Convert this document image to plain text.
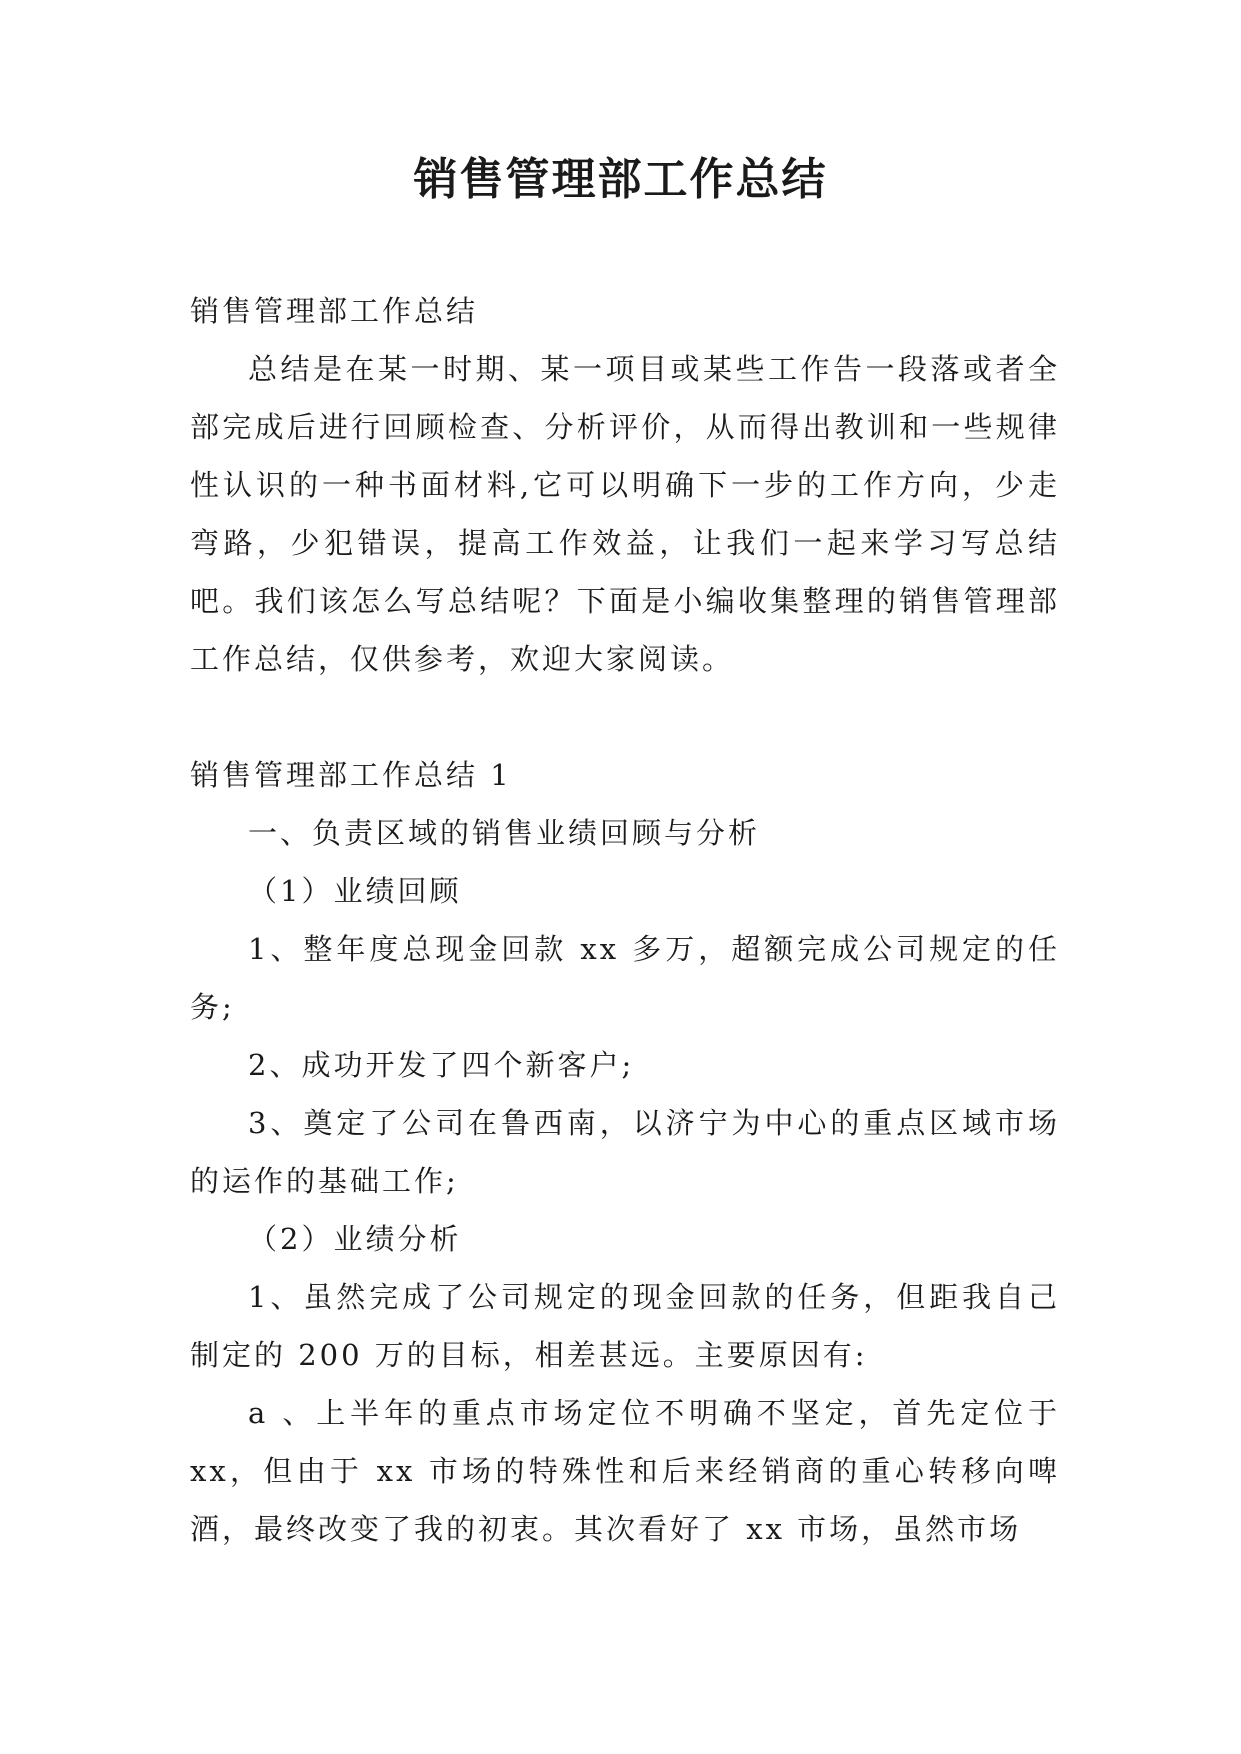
销售管理部工作总结

销售管理部工作总结

总结是在某一时期、某一项目或某些工作告一段落或者全部完成后进行回顾检查、分析评价，从而得出教训和一些规律性认识的一种书面材料,它可以明确下一步的工作方向，少走弯路，少犯错误，提高工作效益，让我们一起来学习写总结吧。我们该怎么写总结呢？下面是小编收集整理的销售管理部工作总结，仅供参考，欢迎大家阅读。

销售管理部工作总结 1

一、负责区域的销售业绩回顾与分析

（1）业绩回顾

1、整年度总现金回款 xx 多万，超额完成公司规定的任务;

2、成功开发了四个新客户;

3、奠定了公司在鲁西南，以济宁为中心的重点区域市场的运作的基础工作;

（2）业绩分析

1、虽然完成了公司规定的现金回款的任务，但距我自己制定的 200 万的目标，相差甚远。主要原因有:

a 、上半年的重点市场定位不明确不坚定，首先定位于 xx，但由于 xx 市场的特殊性和后来经销商的重心转移向啤酒，最终改变了我的初衷。其次看好了 xx 市场，虽然市场
